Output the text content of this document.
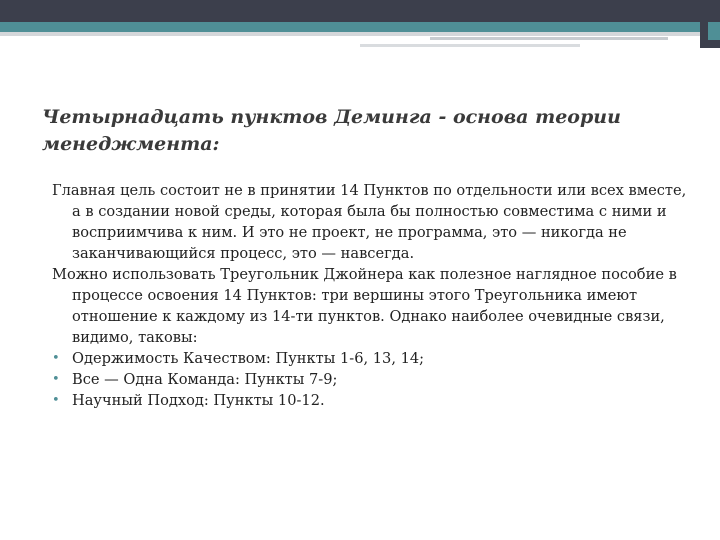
Четырнадцать пунктов Деминга - основа теории менеджмента:

Главная цель состоит не в принятии 14 Пунктов по отдельности или всех вместе, а в создании новой среды, которая была бы полностью совместима с ними и восприимчива к ним. И это не проект, не программа, это — никогда не заканчивающийся процесс, это — навсегда.

Можно использовать Треугольник Джойнера как полезное наглядное пособие в процессе освоения 14 Пунктов: три вершины этого Треугольника имеют отношение к каждому из 14-ти пунктов. Однако наиболее очевидные связи, видимо, таковы:

• Одержимость Качеством: Пункты 1-6, 13, 14;
• Все — Одна Команда: Пункты 7-9;
• Научный Подход: Пункты 10-12.
